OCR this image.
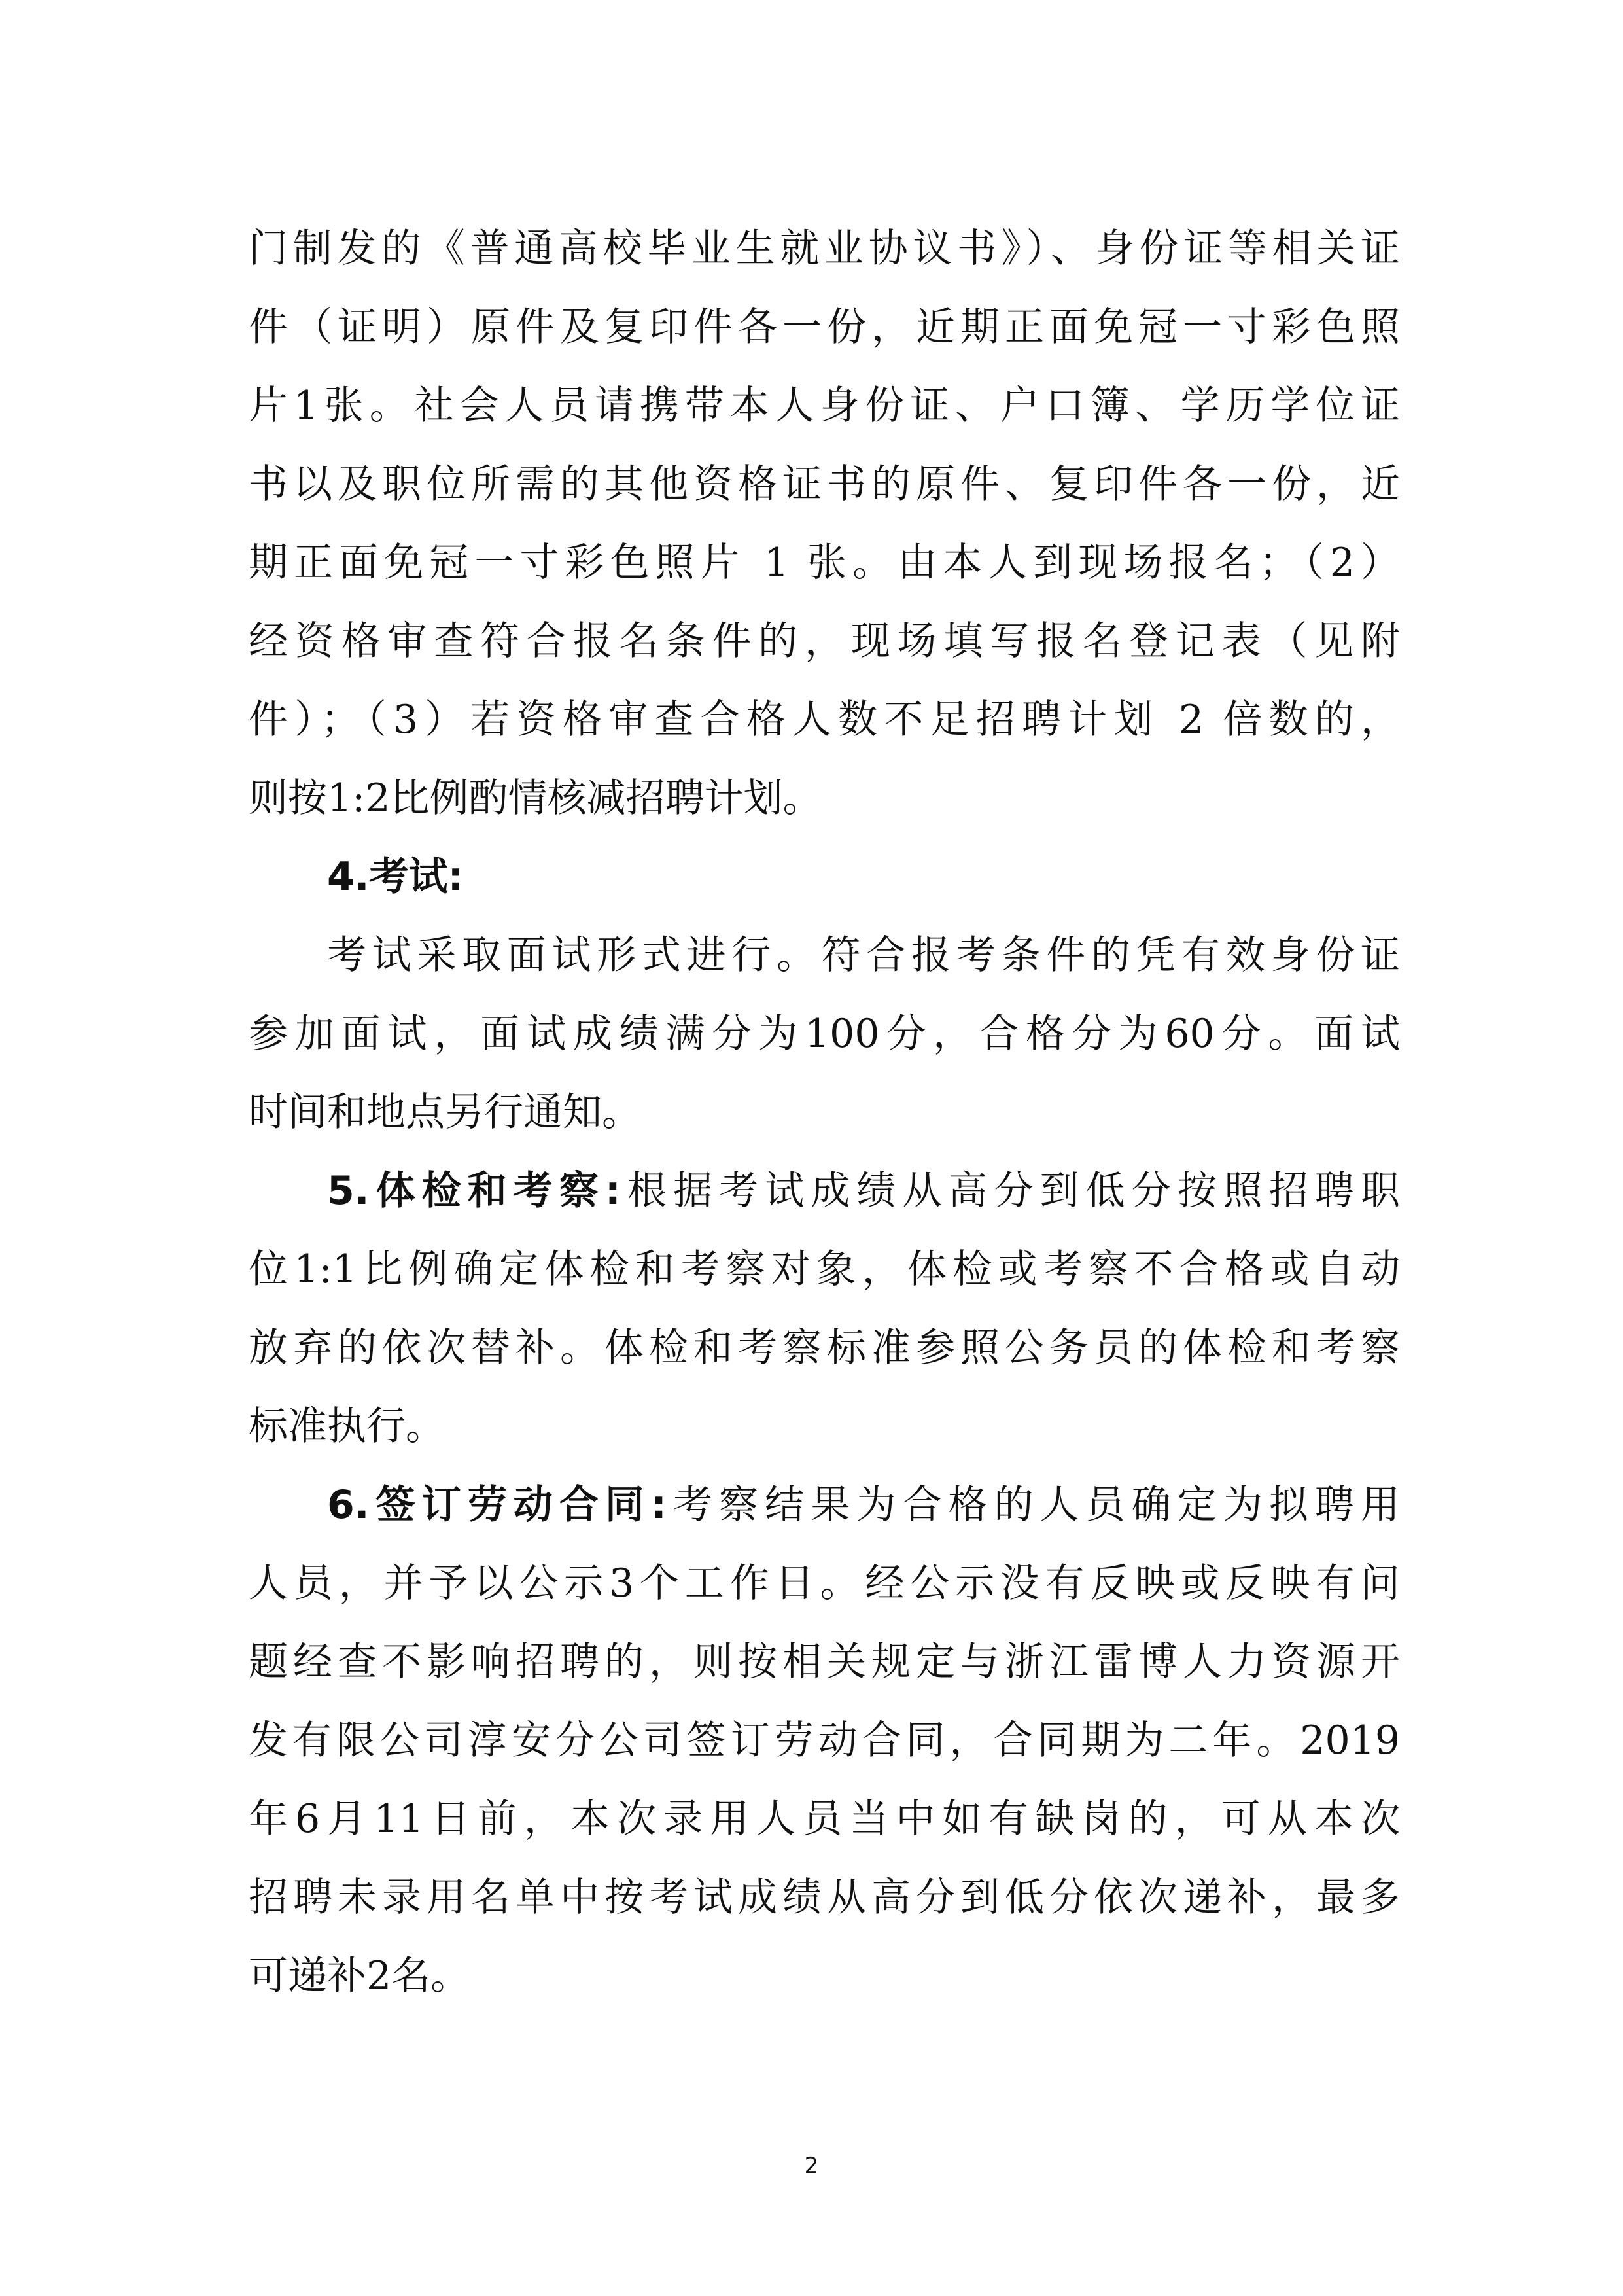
门制发的《普通高校毕业生就业协议书》）、身份证等相关证
件（证明）原件及复印件各一份，近期正面免冠一寸彩色照
片1张。社会人员请携带本人身份证、户口簿、学历学位证
书以及职位所需的其他资格证书的原件、复印件各一份，近
期正面免冠一寸彩色照片 1 张。由本人到现场报名；（2）
经资格审查符合报名条件的，现场填写报名登记表（见附
件）；（3）若资格审查合格人数不足招聘计划 2 倍数的，
则按1:2比例酌情核减招聘计划。
4.考试:
考试采取面试形式进行。符合报考条件的凭有效身份证
参加面试，面试成绩满分为100分，合格分为60分。面试
时间和地点另行通知。
5.体检和考察:根据考试成绩从高分到低分按照招聘职
位1:1比例确定体检和考察对象，体检或考察不合格或自动
放弃的依次替补。体检和考察标准参照公务员的体检和考察
标准执行。
6.签订劳动合同:考察结果为合格的人员确定为拟聘用
人员，并予以公示3个工作日。经公示没有反映或反映有问
题经查不影响招聘的，则按相关规定与浙江雷博人力资源开
发有限公司淳安分公司签订劳动合同，合同期为二年。2019
年6月11日前，本次录用人员当中如有缺岗的，可从本次
招聘未录用名单中按考试成绩从高分到低分依次递补，最多
可递补2名。
2
